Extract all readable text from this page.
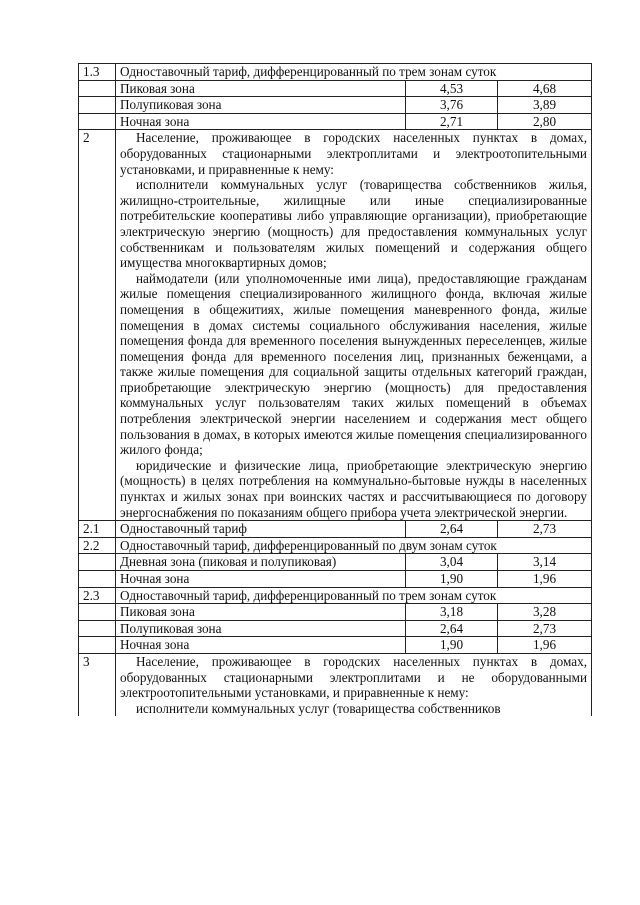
1.3	Одноставочный тариф, дифференцированный по трем зонам суток		
	Пиковая зона	4,53	4,68
	Полупиковая зона	3,76	3,89
	Ночная зона	2,71	2,80
2	Население, проживающее в городских населенных пунктах в домах, оборудованных стационарными электроплитами и электроотопительными установками, и приравненные к нему:

исполнители коммунальных услуг (товарищества собственников жилья, жилищно-строительные, жилищные или иные специализированные потребительские кооперативы либо управляющие организации), приобретающие электрическую энергию (мощность) для предоставления коммунальных услуг собственникам и пользователям жилых помещений и содержания общего имущества многоквартирных домов;

наймодатели (или уполномоченные ими лица), предоставляющие гражданам жилые помещения специализированного жилищного фонда, включая жилые помещения в общежитиях, жилые помещения маневренного фонда, жилые помещения в домах системы социального обслуживания населения, жилые помещения фонда для временного поселения вынужденных переселенцев, жилые помещения фонда для временного поселения лиц, признанных беженцами, а также жилые помещения для социальной защиты отдельных категорий граждан, приобретающие электрическую энергию (мощность) для предоставления коммунальных услуг пользователям таких жилых помещений в объемах потребления электрической энергии населением и содержания мест общего пользования в домах, в которых имеются жилые помещения специализированного жилого фонда;

юридические и физические лица, приобретающие электрическую энергию (мощность) в целях потребления на коммунально-бытовые нужды в населенных пунктах и жилых зонах при воинских частях и рассчитывающиеся по договору энергоснабжения по показаниям общего прибора учета электрической энергии.		

2.1	Одноставочный тариф	2,64	2,73
2.2	Одноставочный тариф, дифференцированный по двум зонам суток		
	Дневная зона (пиковая и полупиковая)	3,04	3,14
	Ночная зона	1,90	1,96
2.3	Одноставочный тариф, дифференцированный по трем зонам суток		
	Пиковая зона	3,18	3,28
	Полупиковая зона	2,64	2,73
	Ночная зона	1,90	1,96
3	Население, проживающее в городских населенных пунктах в домах, оборудованных стационарными электроплитами и не оборудованными электроотопительными установками, и приравненные к нему:

исполнители коммунальных услуг (товарищества собственников		
